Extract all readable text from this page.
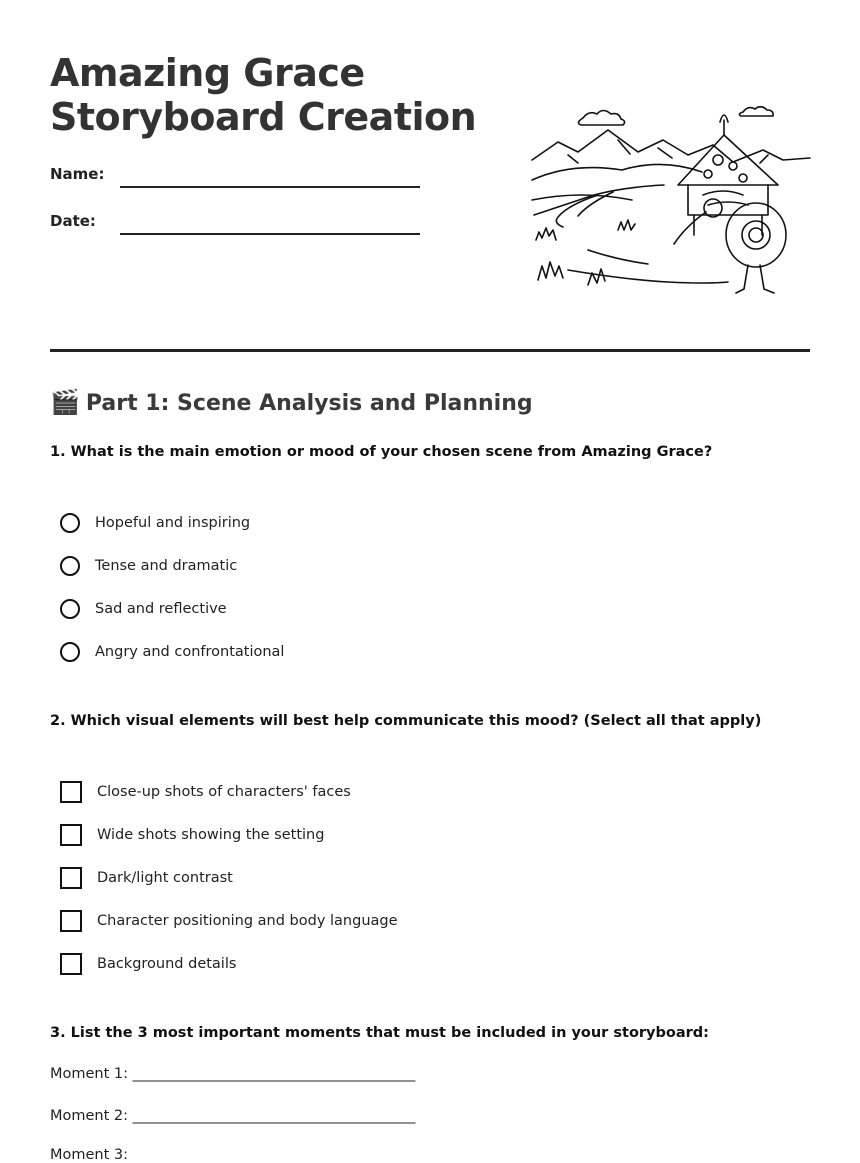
Amazing Grace
Storyboard Creation
Name:
Date:
🎬 Part 1: Scene Analysis and Planning

1. What is the main emotion or mood of your chosen scene from Amazing Grace?

Hopeful and inspiring
Tense and dramatic
Sad and reflective
Angry and confrontational

2. Which visual elements will best help communicate this mood? (Select all that apply)

Close-up shots of characters' faces
Wide shots showing the setting
Dark/light contrast
Character positioning and body language
Background details

3. List the 3 most important moments that must be included in your storyboard:

Moment 1: _______________________________________
Moment 2: _______________________________________
Moment 3:
